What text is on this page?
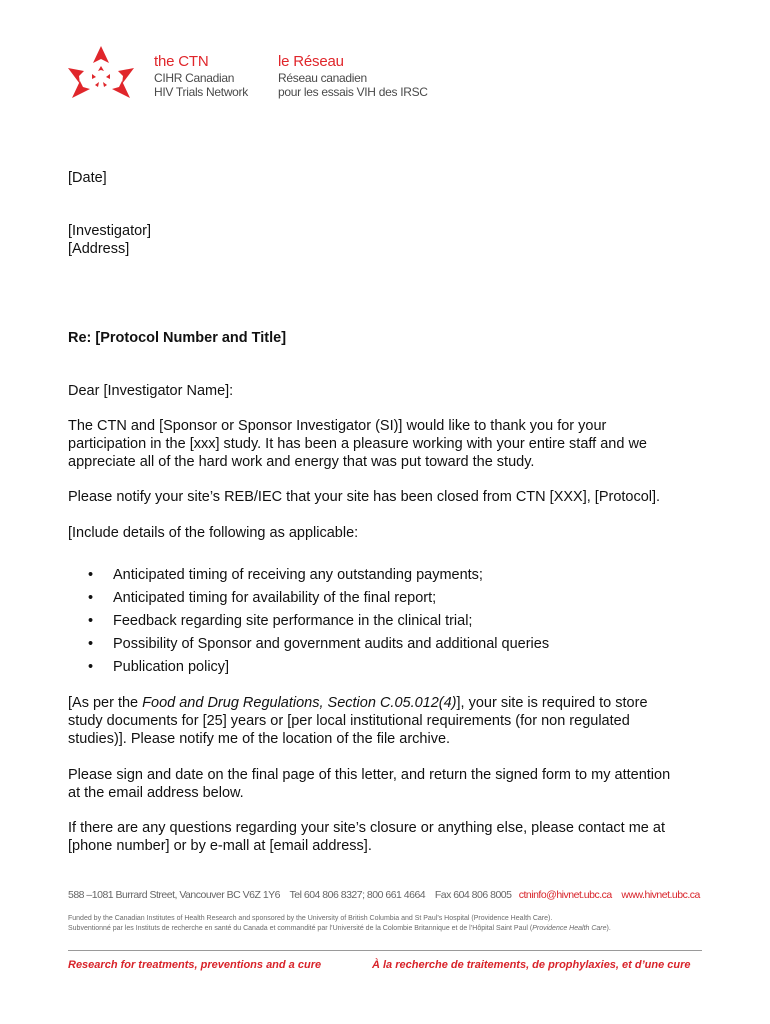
the CTN
CIHR Canadian
HIV Trials Network
le Réseau
Réseau canadien
pour les essais VIH des IRSC
[Date]
[Investigator]
[Address]
Re: [Protocol Number and Title]
Dear [Investigator Name]:
The CTN and [Sponsor or Sponsor Investigator (SI)] would like to thank you for your
participation in the [xxx] study. It has been a pleasure working with your entire staff and we
appreciate all of the hard work and energy that was put toward the study.
Please notify your site’s REB/IEC that your site has been closed from CTN [XXX], [Protocol].
[Include details of the following as applicable:
• Anticipated timing of receiving any outstanding payments;
• Anticipated timing for availability of the final report;
• Feedback regarding site performance in the clinical trial;
• Possibility of Sponsor and government audits and additional queries
• Publication policy]
[As per the Food and Drug Regulations, Section C.05.012(4)], your site is required to store
study documents for [25] years or [per local institutional requirements (for non regulated
studies)]. Please notify me of the location of the file archive.
Please sign and date on the final page of this letter, and return the signed form to my attention
at the email address below.
If there are any questions regarding your site’s closure or anything else, please contact me at
[phone number] or by e-mall at [email address].
588 –1081 Burrard Street, Vancouver BC V6Z 1Y6 Tel 604 806 8327; 800 661 4664 Fax 604 806 8005 ctninfo@hivnet.ubc.ca www.hivnet.ubc.ca
Funded by the Canadian Institutes of Health Research and sponsored by the University of British Columbia and St Paul’s Hospital (Providence Health Care).
Subventionné par les Instituts de recherche en santé du Canada et commandité par l’Université de la Colombie Britannique et de l’Hôpital Saint Paul (Providence Health Care).
Research for treatments, preventions and a cure	À la recherche de traitements, de prophylaxies, et d’une cure
